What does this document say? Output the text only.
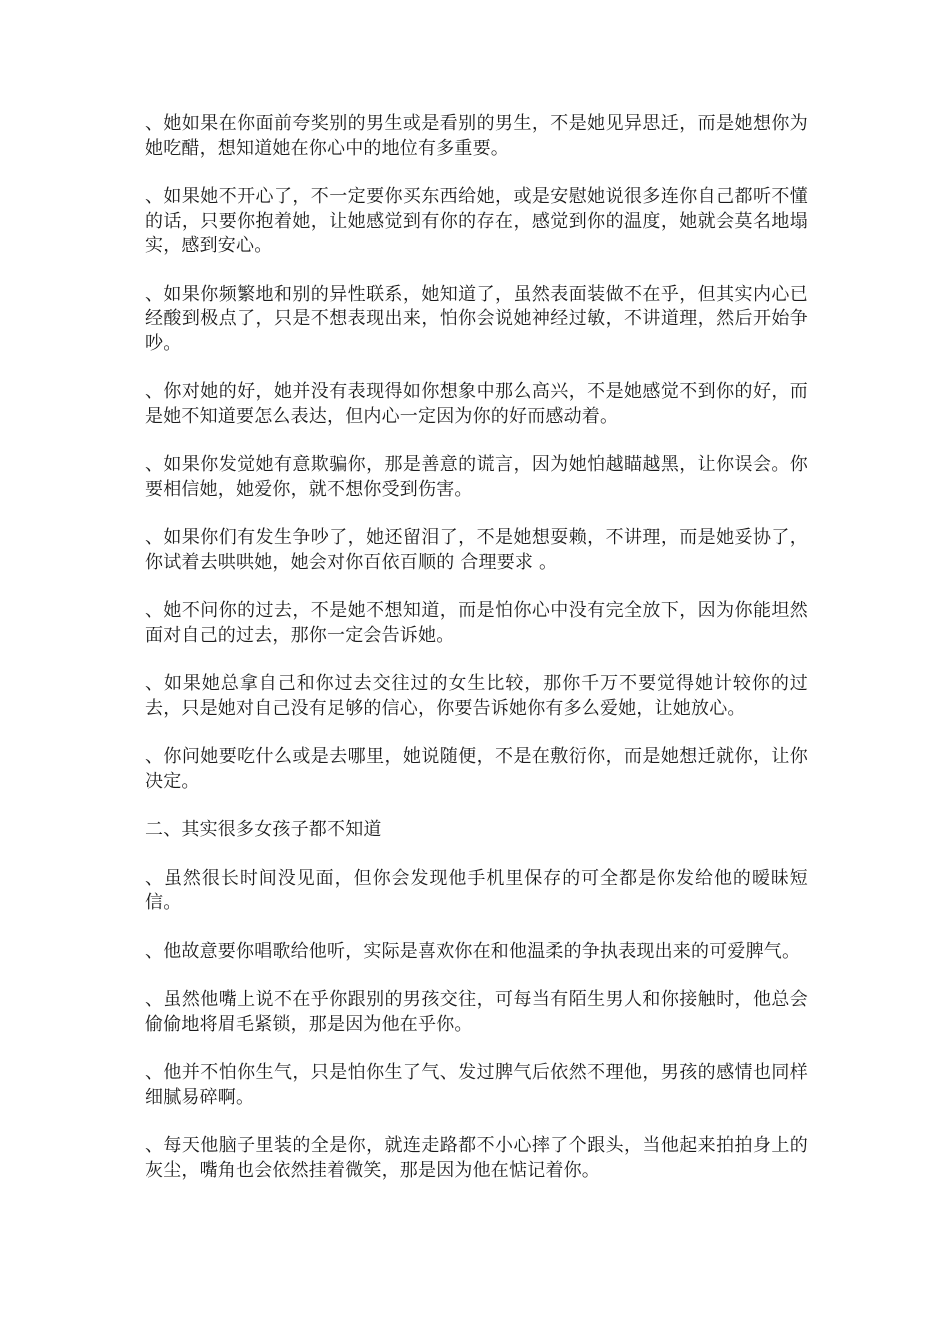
、她如果在你面前夸奖别的男生或是看别的男生，不是她见异思迁，而是她想你为她吃醋，想知道她在你心中的地位有多重要。

、如果她不开心了，不一定要你买东西给她，或是安慰她说很多连你自己都听不懂的话，只要你抱着她，让她感觉到有你的存在，感觉到你的温度，她就会莫名地塌实，感到安心。

、如果你频繁地和别的异性联系，她知道了，虽然表面装做不在乎，但其实内心已经酸到极点了，只是不想表现出来，怕你会说她神经过敏，不讲道理，然后开始争吵。

、你对她的好，她并没有表现得如你想象中那么高兴，不是她感觉不到你的好，而是她不知道要怎么表达，但内心一定因为你的好而感动着。

、如果你发觉她有意欺骗你，那是善意的谎言，因为她怕越瞄越黑，让你误会。你要相信她，她爱你，就不想你受到伤害。

、如果你们有发生争吵了，她还留泪了，不是她想耍赖，不讲理，而是她妥协了，你试着去哄哄她，她会对你百依百顺的 合理要求 。

、她不问你的过去，不是她不想知道，而是怕你心中没有完全放下，因为你能坦然面对自己的过去，那你一定会告诉她。

、如果她总拿自己和你过去交往过的女生比较，那你千万不要觉得她计较你的过去，只是她对自己没有足够的信心，你要告诉她你有多么爱她，让她放心。

、你问她要吃什么或是去哪里，她说随便，不是在敷衍你，而是她想迁就你，让你决定。

二、其实很多女孩子都不知道

、虽然很长时间没见面，但你会发现他手机里保存的可全都是你发给他的暧昧短信。

、他故意要你唱歌给他听，实际是喜欢你在和他温柔的争执表现出来的可爱脾气。

、虽然他嘴上说不在乎你跟别的男孩交往，可每当有陌生男人和你接触时，他总会偷偷地将眉毛紧锁，那是因为他在乎你。

、他并不怕你生气，只是怕你生了气、发过脾气后依然不理他，男孩的感情也同样细腻易碎啊。

、每天他脑子里装的全是你，就连走路都不小心摔了个跟头，当他起来拍拍身上的灰尘，嘴角也会依然挂着微笑，那是因为他在惦记着你。
